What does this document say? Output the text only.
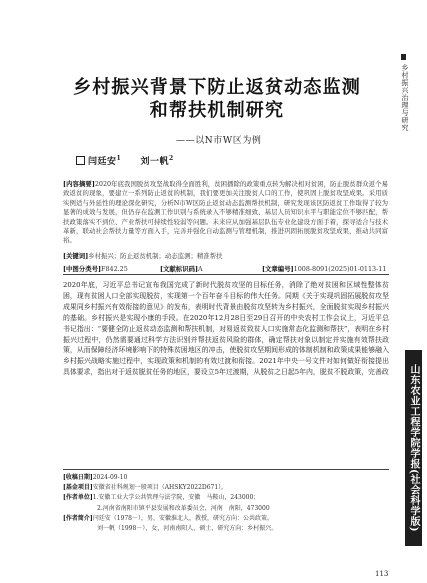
乡村振兴治理与研究
山东农业工程学院学报(社会科学版)
乡村振兴背景下防止返贫动态监测和帮扶机制研究
——以N市W区为例
闫廷安$^1$ 刘一帆$^2$
[内容摘要]2020年底我国脱贫攻坚战取得全面胜利，贫困播除的政策重点转为解决相对贫困，防止脱贫群众返个易致返贫的现象，要建立一系列防止返贫的机制，我们要更加关注脱贫人口的工作，使巩固上脱贫攻坚成果。采用质实例适与外延性的理论深化研究，分析N市W区防止返贫动态监测帮扶机制，研究发现该区防返贫工作取得了较为显著的成效与发展，但仍存在监测工作识别与系统录入不够精准细致、基层人员知识水平与职能定位不够匹配，帮扶政策落实不到位、产业帮扶可持续性较弱等问题。未来应从加强基层队伍专业化建设方面手着，探寻适合与技术革新，联动社会帮扶力量等方面入手，完善并强化自动监测与管理机制，推进巩固拓展脱贫攻坚成果，推动共同富裕。
[关键词]乡村振兴；防止返贫机制；动态监测；精准帮扶
[中图分类号]F842.25	[文献标识码]A	[文章编号]1008-8091(2025)01-0113-11

2020年底，习近平总书记宣布我国完成了新时代脱贫攻坚的目标任务，消除了绝对贫困和区域性整体贫困，现有贫困人口全部实现脱贫，实现第一个百年奋斗目标的伟大任务。同期《关于实现巩固拓展脱贫攻坚成果同乡村振兴有效衔接的意见》的发布，表明时代背景由脱贫攻坚转为乡村振兴，全面脱贫实现乡村振兴的基础。乡村振兴是实现小康的手段。在2020年12月28日至29日召开的中央农村工作会议上，习近平总书记指出：“要健全防止返贫动态监测和帮扶机制，对易返贫致贫人口实施常态化监测和帮扶”，表明在乡村振兴过程中，仍然需要通过科学方法识别并帮扶返贫风险的群体，确定帮扶对象以制定并实施有效帮扶政策，从而保障经济环境影响下的特殊贫困地区的冲击，使脱贫攻坚期间形成的体制机制和政策成果能够融入乡村振兴战略实施过程中，实现政策和机制的有效过渡和衔接。2021年中央一号文件对如何做好衔接提出具体要求，指出对于返贫脱贫任务的地区，要设立5年过渡期，从脱贫之日起5年内，脱贫不脱政策，完善政

[收稿日期]2024-09-10
[基金项目]安徽省社科规划一般项目（AHSKY2022D671）。
[作者单位]1.安徽工业大学公共管理与法学院，安徽　马鞍山，243000；
2.河南省南阳市镇平县发展和改革委员会，河南　南阳，473000
[作者简介]闫廷安（1978－），男，安徽淮北人，教授，研究方向：公共政策。
刘一帆（1998－），女，河南南阳人，硕士，研究方向：乡村振兴。
113
